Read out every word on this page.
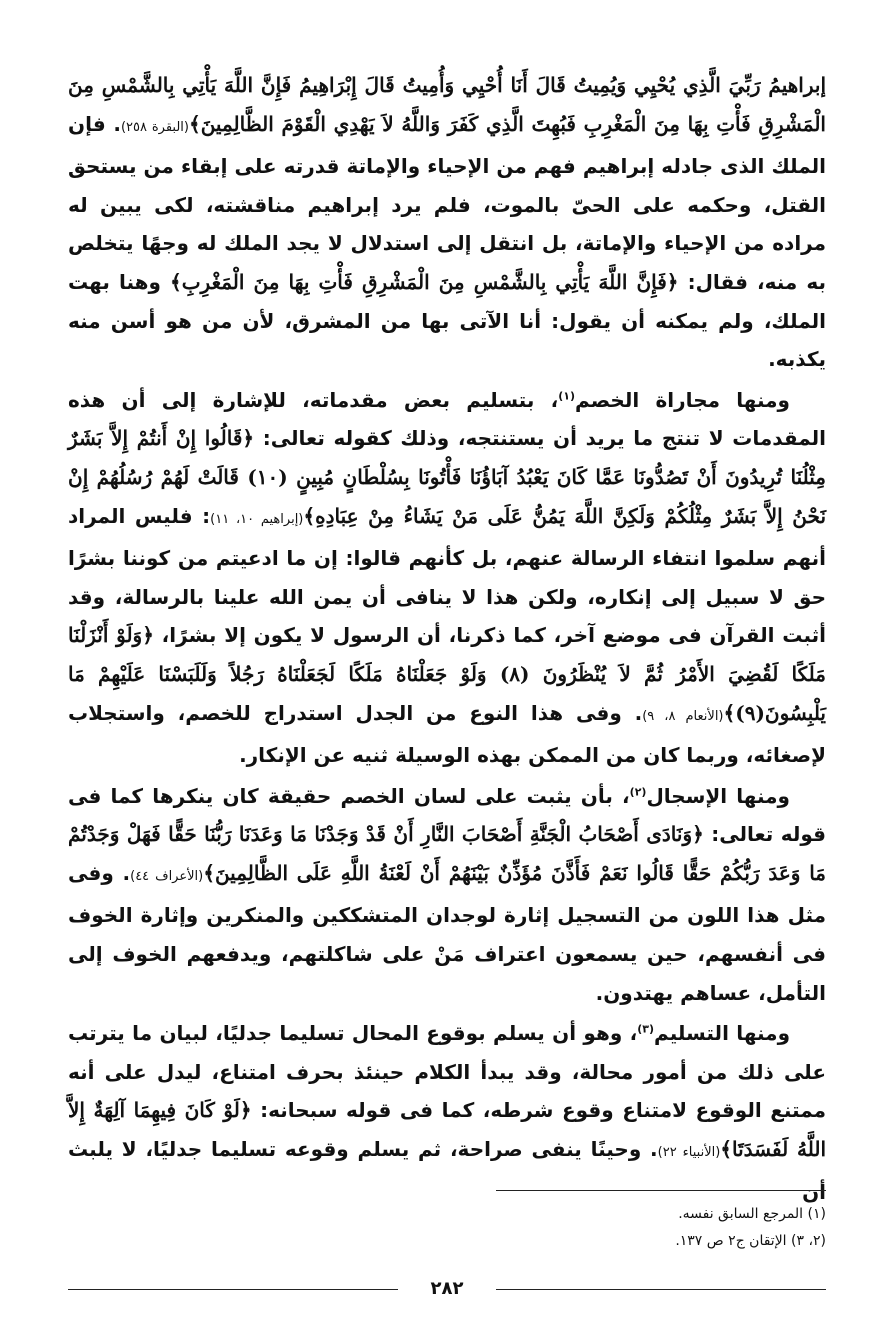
إبراهيمُ رَبِّيَ الَّذِي يُحْيِي وَيُمِيتُ قَالَ أَنَا أُحْيِي وَأُمِيتُ قَالَ إِبْرَاهِيمُ فَإِنَّ اللَّهَ يَأْتِي بِالشَّمْسِ مِنَ الْمَشْرِقِ فَأْتِ بِهَا مِنَ الْمَغْرِبِ فَبُهِتَ الَّذِي كَفَرَ وَاللَّهُ لاَ يَهْدِي الْقَوْمَ الظَّالِمِينَ﴾(البقرة ٢٥٨). فإن الملك الذى جادله إبراهيم فهم من الإحياء والإماتة قدرته على إبقاء من يستحق القتل، وحكمه على الحىّ بالموت، فلم يرد إبراهيم مناقشته، لكى يبين له مراده من الإحياء والإماتة، بل انتقل إلى استدلال لا يجد الملك له وجهًا يتخلص به منه، فقال: ﴿فَإِنَّ اللَّهَ يَأْتِي بِالشَّمْسِ مِنَ الْمَشْرِقِ فَأْتِ بِهَا مِنَ الْمَغْرِبِ﴾ وهنا بهت الملك، ولم يمكنه أن يقول: أنا الآتى بها من المشرق، لأن من هو أسن منه يكذبه.

ومنها مجاراة الخصم$^{(١)}$، بتسليم بعض مقدماته، للإشارة إلى أن هذه المقدمات لا تنتج ما يريد أن يستنتجه، وذلك كقوله تعالى: ﴿قَالُوا إِنْ أَنتُمْ إِلاَّ بَشَرٌ مِثْلُنَا تُرِيدُونَ أَنْ تَصُدُّونَا عَمَّا كَانَ يَعْبُدُ آبَاؤُنَا فَأْتُونَا بِسُلْطَانٍ مُبِينٍ (١٠) قَالَتْ لَهُمْ رُسُلُهُمْ إِنْ نَحْنُ إِلاَّ بَشَرٌ مِثْلُكُمْ وَلَكِنَّ اللَّهَ يَمُنُّ عَلَى مَنْ يَشَاءُ مِنْ عِبَادِهِ﴾(إبراهيم ١٠، ١١): فليس المراد أنهم سلموا انتفاء الرسالة عنهم، بل كأنهم قالوا: إن ما ادعيتم من كوننا بشرًا حق لا سبيل إلى إنكاره، ولكن هذا لا ينافى أن يمن الله علينا بالرسالة، وقد أثبت القرآن فى موضع آخر، كما ذكرنا، أن الرسول لا يكون إلا بشرًا، ﴿وَلَوْ أَنْزَلْنَا مَلَكًا لَقُضِيَ الأَمْرُ ثُمَّ لاَ يُنْظَرُونَ (٨) وَلَوْ جَعَلْنَاهُ مَلَكًا لَجَعَلْنَاهُ رَجُلاً وَلَلَبَسْنَا عَلَيْهِمْ مَا يَلْبِسُونَ(٩)﴾(الأنعام ٨، ٩). وفى هذا النوع من الجدل استدراج للخصم، واستجلاب لإصغائه، وربما كان من الممكن بهذه الوسيلة ثنيه عن الإنكار.

ومنها الإسجال$^{(٢)}$، بأن يثبت على لسان الخصم حقيقة كان ينكرها كما فى قوله تعالى: ﴿وَنَادَى أَصْحَابُ الْجَنَّةِ أَصْحَابَ النَّارِ أَنْ قَدْ وَجَدْنَا مَا وَعَدَنَا رَبُّنَا حَقًّا فَهَلْ وَجَدْتُمْ مَا وَعَدَ رَبُّكُمْ حَقًّا قَالُوا نَعَمْ فَأَذَّنَ مُؤَذِّنٌ بَيْنَهُمْ أَنْ لَعْنَةُ اللَّهِ عَلَى الظَّالِمِينَ﴾(الأعراف ٤٤). وفى مثل هذا اللون من التسجيل إثارة لوجدان المتشككين والمنكرين وإثارة الخوف فى أنفسهم، حين يسمعون اعتراف مَنْ على شاكلتهم، ويدفعهم الخوف إلى التأمل، عساهم يهتدون.

ومنها التسليم$^{(٣)}$، وهو أن يسلم بوقوع المحال تسليما جدليًا، لبيان ما يترتب على ذلك من أمور محالة، وقد يبدأ الكلام حينئذ بحرف امتناع، ليدل على أنه ممتنع الوقوع لامتناع وقوع شرطه، كما فى قوله سبحانه: ﴿لَوْ كَانَ فِيهِمَا آلِهَةٌ إِلاَّ اللَّهُ لَفَسَدَتَا﴾(الأنبياء ٢٢). وحينًا ينفى صراحة، ثم يسلم وقوعه تسليما جدليًا، لا يلبث أن

(١) المرجع السابق نفسه.

(٢، ٣) الإتقان ج٢ ص ١٣٧.

٢٨٢
